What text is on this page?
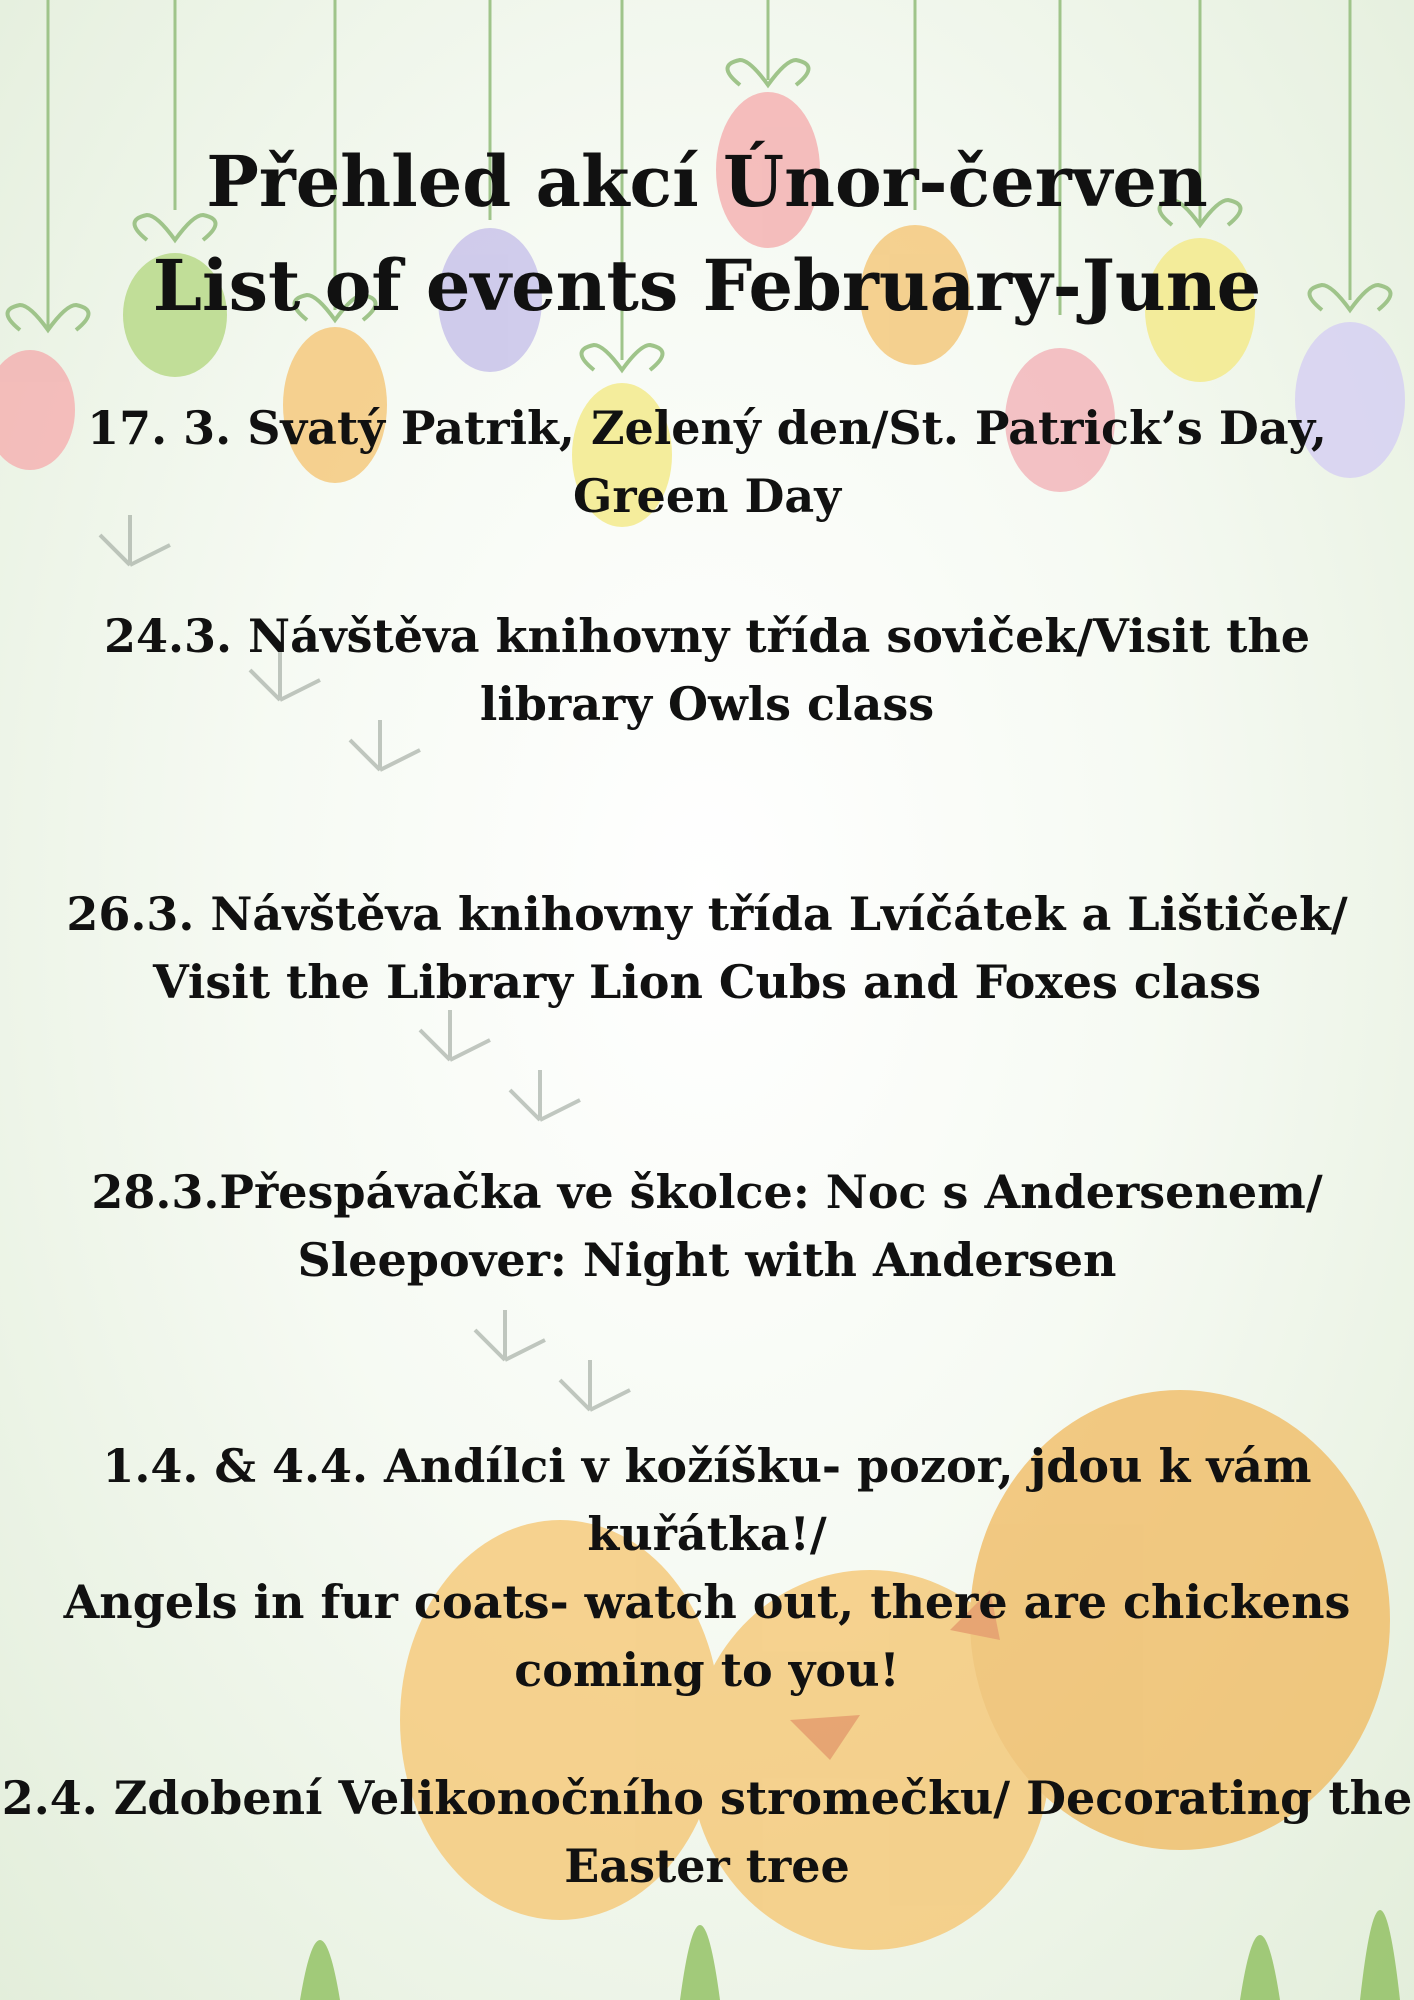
Přehled akcí Únor-červen

List of events February-June

17. 3. Svatý Patrik, Zelený den/St. Patrick’s Day,

Green Day

24.3. Návštěva knihovny třída soviček/Visit the

library Owls class

26.3. Návštěva knihovny třída Lvíčátek a Lištiček/

Visit the Library Lion Cubs and Foxes class

28.3.Přespávačka ve školce: Noc s Andersenem/

Sleepover: Night with Andersen

1.4. & 4.4. Andílci v kožíšku- pozor, jdou k vám kuřátka!/

Angels in fur coats- watch out, there are chickens

coming to you!

2.4. Zdobení Velikonočního stromečku/ Decorating the

Easter tree
